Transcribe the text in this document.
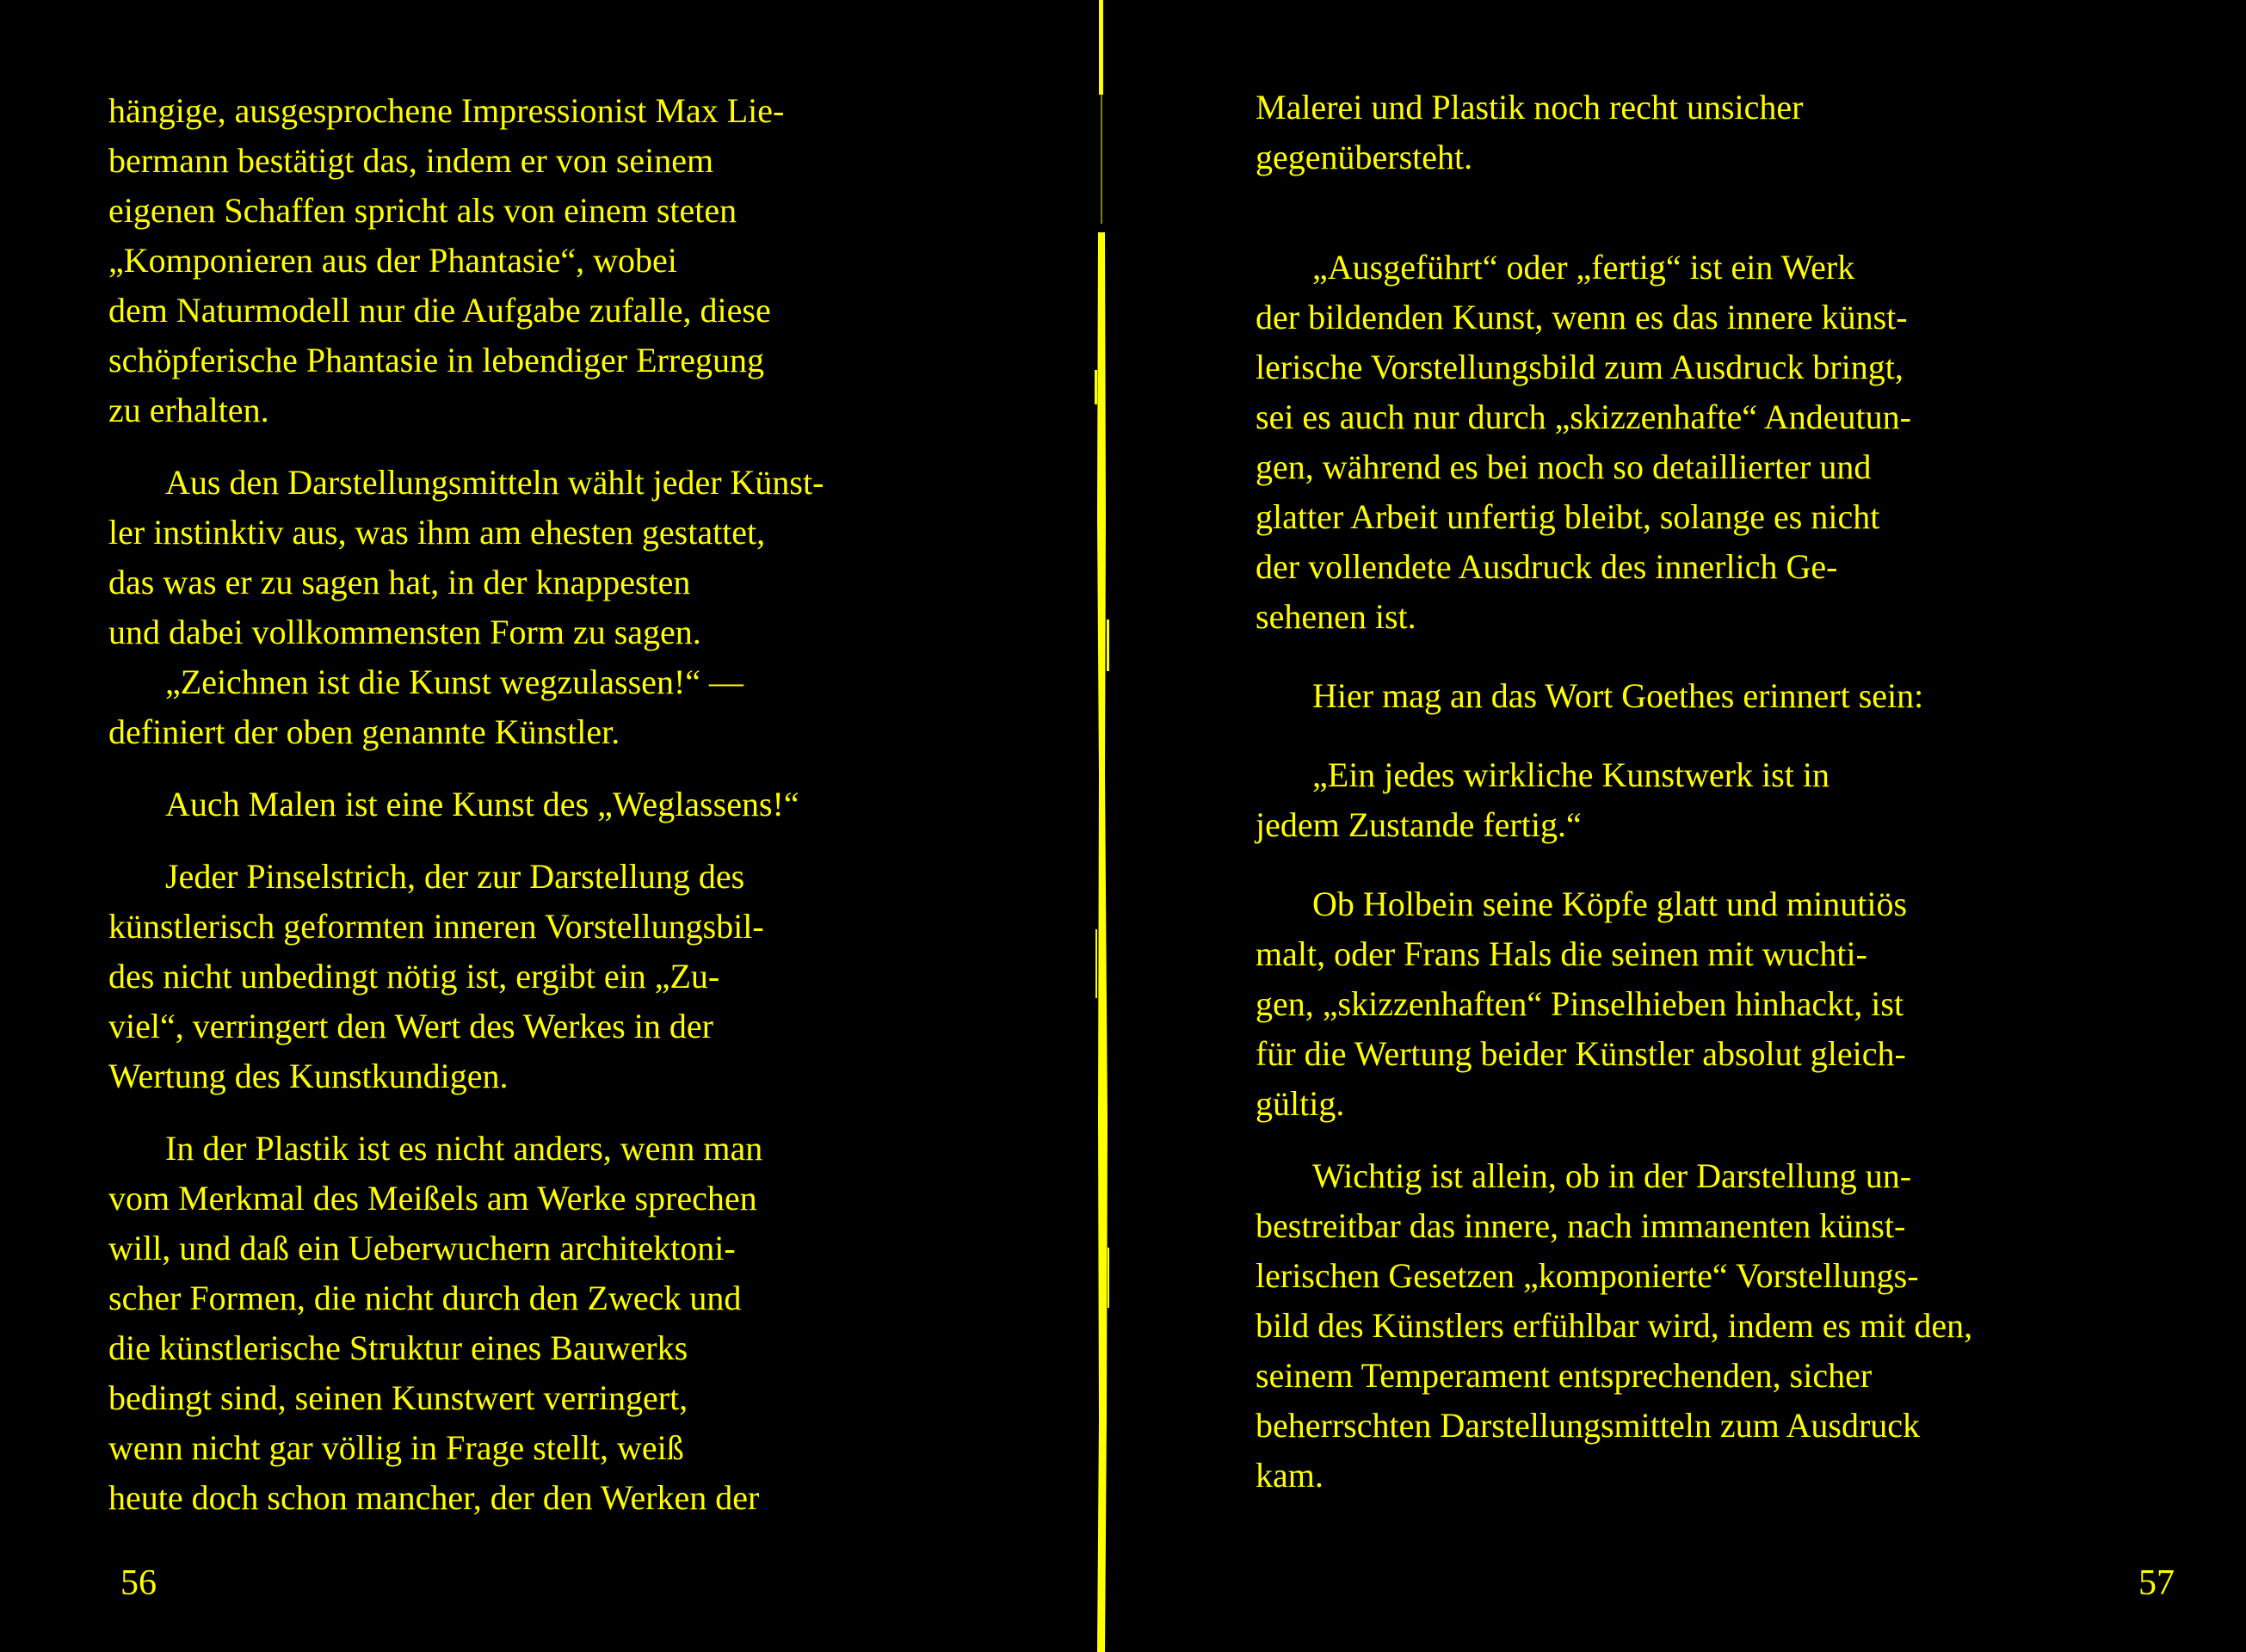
hängige, ausgesprochene Impressionist Max Lie-
bermann bestätigt das, indem er von seinem
eigenen Schaffen spricht als von einem steten
„Komponieren aus der Phantasie“, wobei
dem Naturmodell nur die Aufgabe zufalle, diese
schöpferische Phantasie in lebendiger Erregung
zu erhalten.

Aus den Darstellungsmitteln wählt jeder Künst-
ler instinktiv aus, was ihm am ehesten gestattet,
das was er zu sagen hat, in der knappesten
und dabei vollkommensten Form zu sagen.

„Zeichnen ist die Kunst wegzulassen!“ —
definiert der oben genannte Künstler.

Auch Malen ist eine Kunst des „Weglassens!“

Jeder Pinselstrich, der zur Darstellung des
künstlerisch geformten inneren Vorstellungsbil-
des nicht unbedingt nötig ist, ergibt ein „Zu-
viel“, verringert den Wert des Werkes in der
Wertung des Kunstkundigen.

In der Plastik ist es nicht anders, wenn man
vom Merkmal des Meißels am Werke sprechen
will, und daß ein Ueberwuchern architektoni-
scher Formen, die nicht durch den Zweck und
die künstlerische Struktur eines Bauwerks
bedingt sind, seinen Kunstwert verringert,
wenn nicht gar völlig in Frage stellt, weiß
heute doch schon mancher, der den Werken der

56

Malerei und Plastik noch recht unsicher
gegenübersteht.

„Ausgeführt“ oder „fertig“ ist ein Werk
der bildenden Kunst, wenn es das innere künst-
lerische Vorstellungsbild zum Ausdruck bringt,
sei es auch nur durch „skizzenhafte“ Andeutun-
gen, während es bei noch so detaillierter und
glatter Arbeit unfertig bleibt, solange es nicht
der vollendete Ausdruck des innerlich Ge-
sehenen ist.

Hier mag an das Wort Goethes erinnert sein:

„Ein jedes wirkliche Kunstwerk ist in
jedem Zustande fertig.“

Ob Holbein seine Köpfe glatt und minutiös
malt, oder Frans Hals die seinen mit wuchti-
gen, „skizzenhaften“ Pinselhieben hinhackt, ist
für die Wertung beider Künstler absolut gleich-
gültig.

Wichtig ist allein, ob in der Darstellung un-
bestreitbar das innere, nach immanenten künst-
lerischen Gesetzen „komponierte“ Vorstellungs-
bild des Künstlers erfühlbar wird, indem es mit den,
seinem Temperament entsprechenden, sicher
beherrschten Darstellungsmitteln zum Ausdruck
kam.

57
